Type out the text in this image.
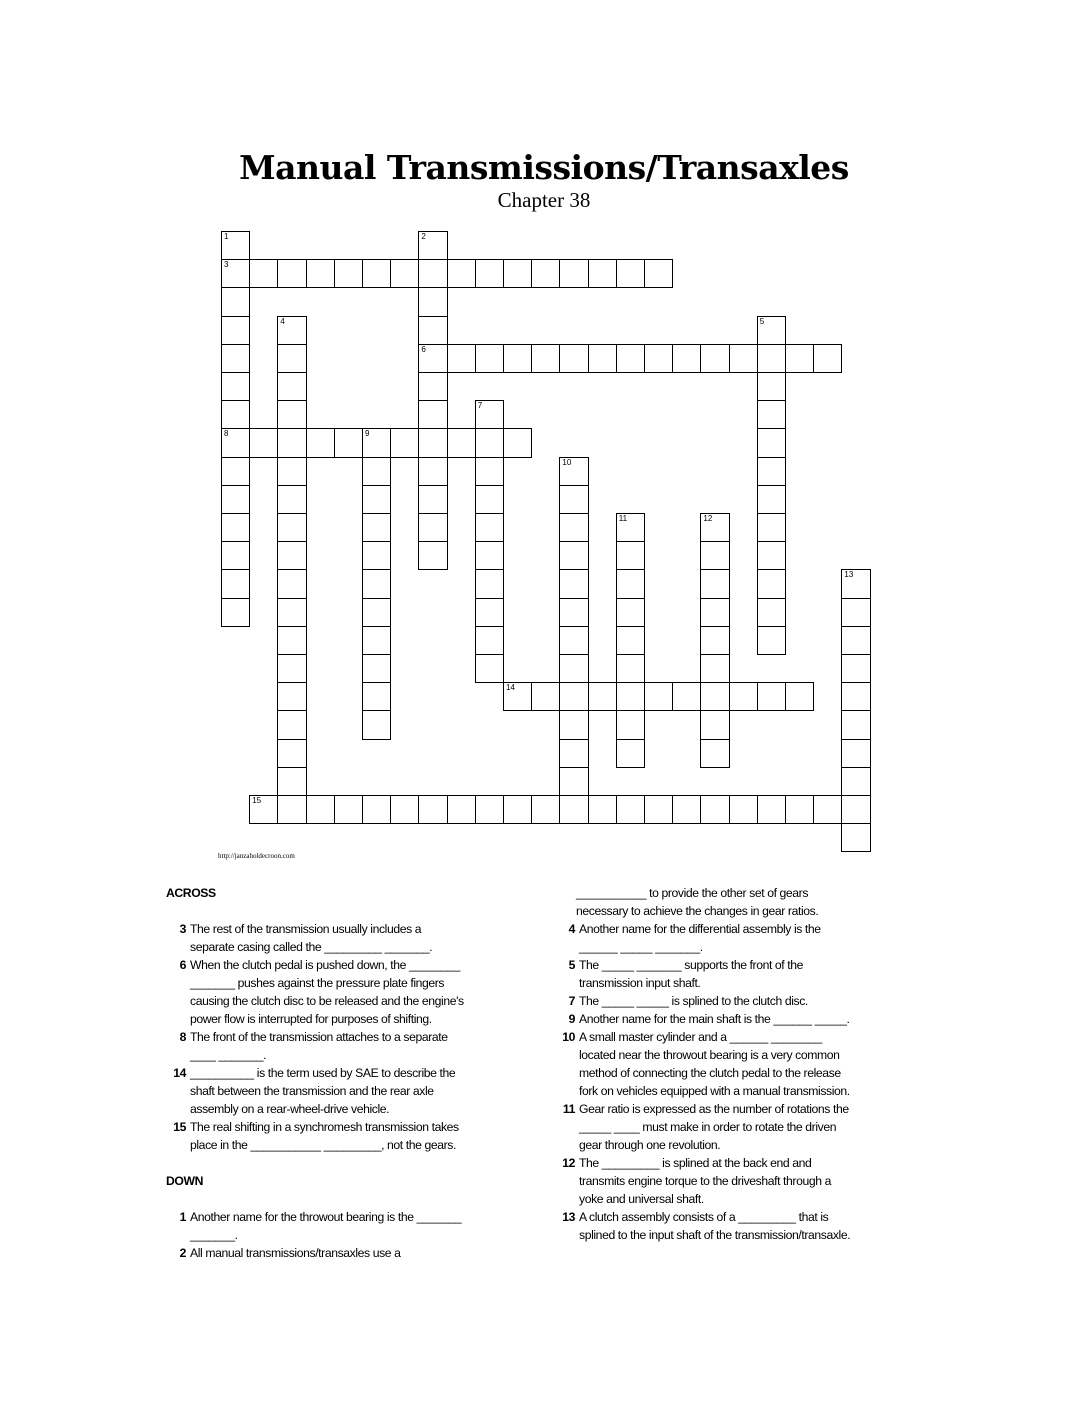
Manual Transmissions/Transaxles
Chapter 38
1
3
8
2
6
4	5
7
9
10
11	12
13
14
15
http://janzaholdecroon.com
ACROSS
3 The rest of the transmission usually includes a
separate casing called the _________ _______.
6 When the clutch pedal is pushed down, the ________
_______ pushes against the pressure plate fingers
causing the clutch disc to be released and the engine's
power flow is interrupted for purposes of shifting.
8 The front of the transmission attaches to a separate
____ _______.
14 __________ is the term used by SAE to describe the
shaft between the transmission and the rear axle
assembly on a rear-wheel-drive vehicle.
15 The real shifting in a synchromesh transmission takes
place in the ___________ _________, not the gears.
DOWN
1 Another name for the throwout bearing is the _______
_______.
2 All manual transmissions/transaxles use a
___________ to provide the other set of gears
necessary to achieve the changes in gear ratios.
4 Another name for the differential assembly is the
______ _____ _______.
5 The _____ _______ supports the front of the
transmission input shaft.
7 The _____ _____ is splined to the clutch disc.
9 Another name for the main shaft is the ______ _____.
10 A small master cylinder and a ______ ________
located near the throwout bearing is a very common
method of connecting the clutch pedal to the release
fork on vehicles equipped with a manual transmission.
11 Gear ratio is expressed as the number of rotations the
_____ ____ must make in order to rotate the driven
gear through one revolution.
12 The _________ is splined at the back end and
transmits engine torque to the driveshaft through a
yoke and universal shaft.
13 A clutch assembly consists of a _________ that is
splined to the input shaft of the transmission/transaxle.
